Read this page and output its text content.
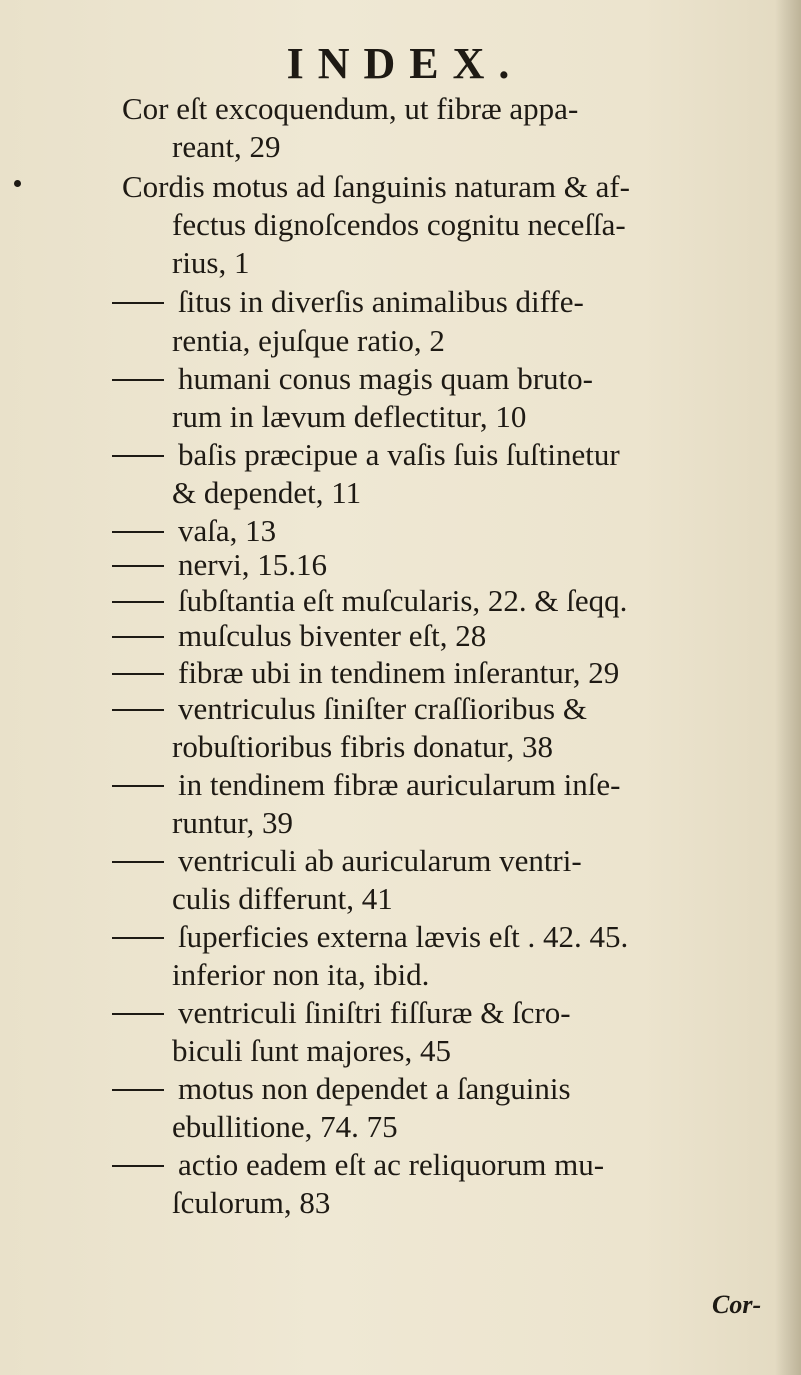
INDEX.
Cor eſt excoquendum, ut fibræ appa-
reant, 29
Cordis motus ad ſanguinis naturam & af-
fectus dignoſcendos cognitu neceſſa-
rius, 1
ſitus in diverſis animalibus diffe-
rentia, ejuſque ratio, 2
humani conus magis quam bruto-
rum in lævum deflectitur, 10
baſis præcipue a vaſis ſuis ſuſtinetur
& dependet, 11
vaſa, 13
nervi, 15.16
ſubſtantia eſt muſcularis, 22. & ſeqq.
muſculus biventer eſt, 28
fibræ ubi in tendinem inſerantur, 29
ventriculus ſiniſter craſſioribus &
robuſtioribus fibris donatur, 38
in tendinem fibræ auricularum inſe-
runtur, 39
ventriculi ab auricularum ventri-
culis differunt, 41
ſuperficies externa lævis eſt . 42. 45.
inferior non ita, ibid.
ventriculi ſiniſtri fiſſuræ & ſcro-
biculi ſunt majores, 45
motus non dependet a ſanguinis
ebullitione, 74. 75
actio eadem eſt ac reliquorum mu-
ſculorum, 83
Cor-
